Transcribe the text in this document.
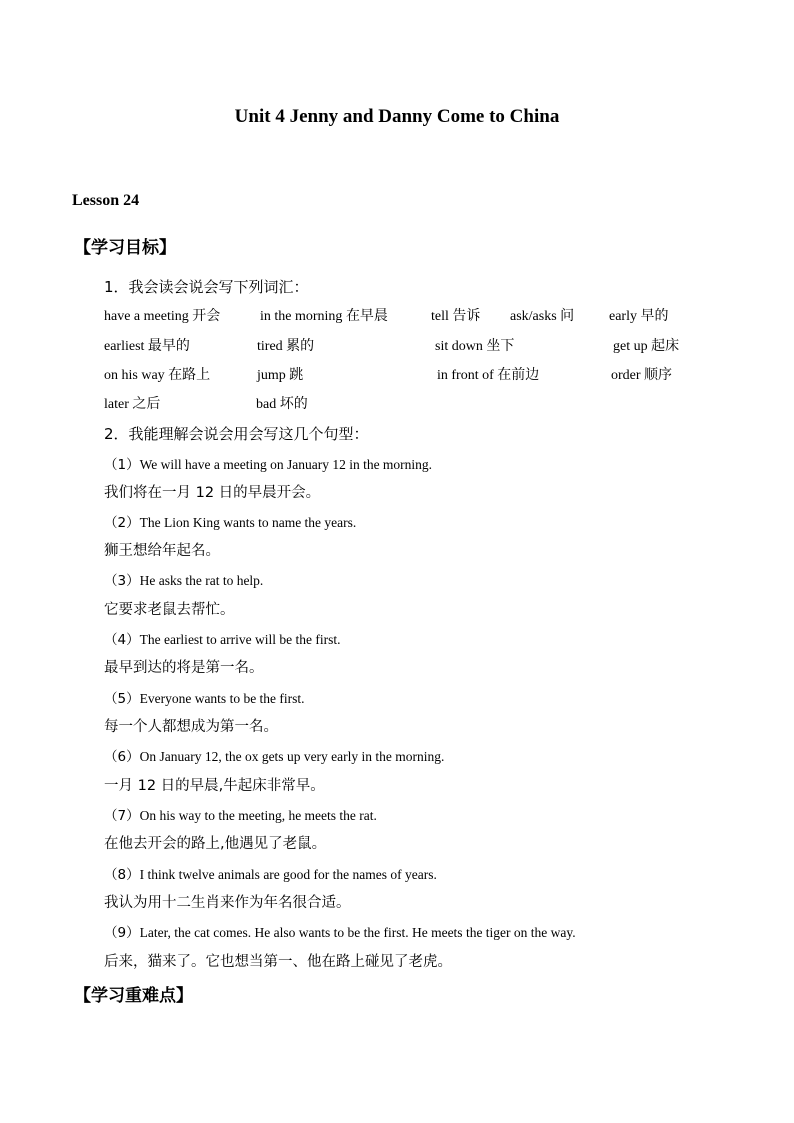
Unit 4 Jenny and Danny Come to China
Lesson 24
【学习目标】
1．我会读会说会写下列词汇：
have a meeting 开会	in the morning 在早晨	tell 告诉 ask/asks 问 early 早的
earliest 最早的	tired 累的	sit down 坐下	get up 起床
on his way 在路上	jump 跳	in front of 在前边	order 顺序
later 之后	bad 坏的
2．我能理解会说会用会写这几个句型：
（1）We will have a meeting on January 12 in the morning.
我们将在一月 12 日的早晨开会。
（2）The Lion King wants to name the years.
狮王想给年起名。
（3）He asks the rat to help.
它要求老鼠去帮忙。
（4）The earliest to arrive will be the first.
最早到达的将是第一名。
（5）Everyone wants to be the first.
每一个人都想成为第一名。
（6）On January 12, the ox gets up very early in the morning.
一月 12 日的早晨,牛起床非常早。
（7）On his way to the meeting, he meets the rat.
在他去开会的路上,他遇见了老鼠。
（8）I think twelve animals are good for the names of years.
我认为用十二生肖来作为年名很合适。
（9）Later, the cat comes. He also wants to be the first. He meets the tiger on the way.
后来，猫来了。它也想当第一、他在路上碰见了老虎。
【学习重难点】
